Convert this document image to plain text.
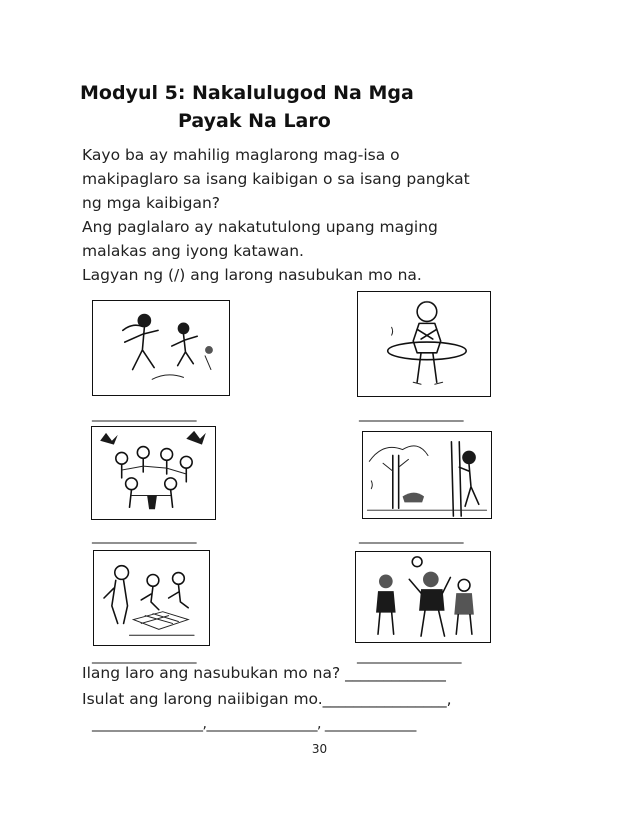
Modyul 5: Nakalulugod Na Mga
Payak Na Laro
Kayo ba ay mahilig maglarong mag-isa o
makipaglaro sa isang kaibigan o sa isang pangkat
ng mga kaibigan?
Ang paglalaro ay nakatutulong upang maging
malakas ang iyong katawan.
Lagyan ng (/) ang larong nasubukan mo na.
________________	________________
________________	________________
________________	________________
Ilang laro ang nasubukan mo na? _____________
Isulat ang larong naiibigan mo.________________,
_________________,_________________, ______________
30
